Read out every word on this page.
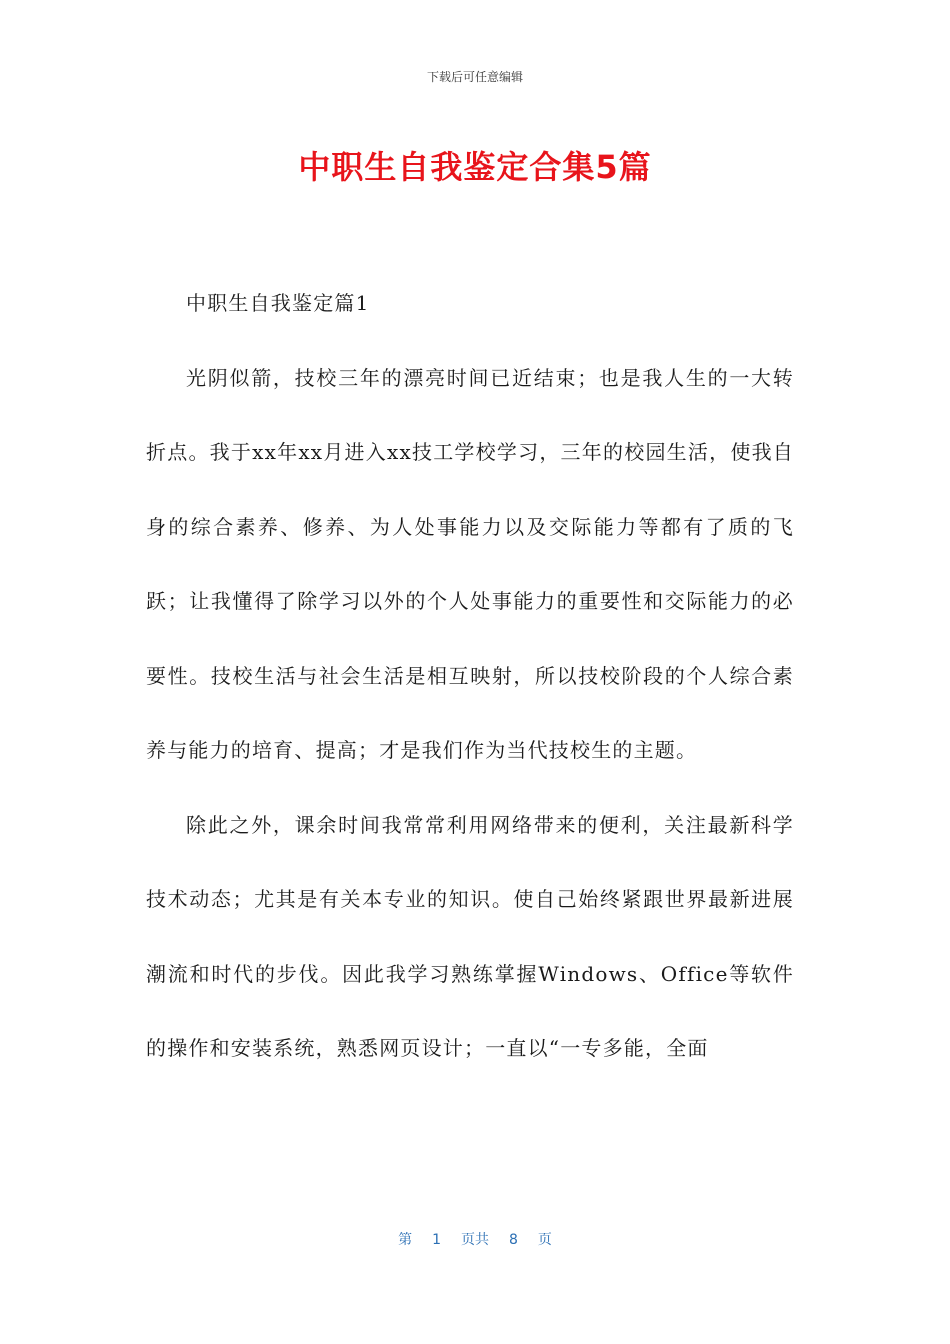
下载后可任意编辑
中职生自我鉴定合集5篇

中职生自我鉴定篇1

光阴似箭，技校三年的漂亮时间已近结束；也是我人生的一大转折点。我于xx年xx月进入xx技工学校学习，三年的校园生活，使我自身的综合素养、修养、为人处事能力以及交际能力等都有了质的飞跃；让我懂得了除学习以外的个人处事能力的重要性和交际能力的必要性。技校生活与社会生活是相互映射，所以技校阶段的个人综合素养与能力的培育、提高；才是我们作为当代技校生的主题。

除此之外，课余时间我常常利用网络带来的便利，关注最新科学技术动态；尤其是有关本专业的知识。使自己始终紧跟世界最新进展潮流和时代的步伐。因此我学习熟练掌握Windows、Office等软件的操作和安装系统，熟悉网页设计；一直以“一专多能，全面

第 1 页共 8 页
